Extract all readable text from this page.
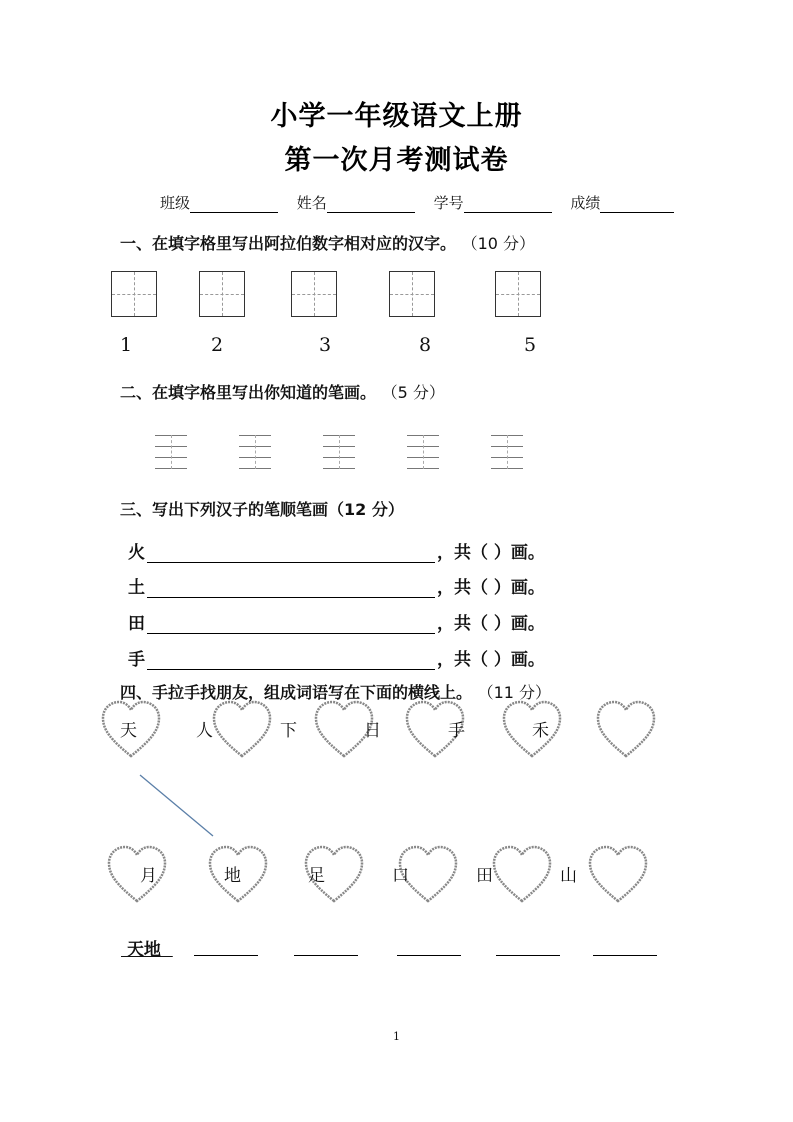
小学一年级语文上册
第一次月考测试卷
班级	姓名	学号	成绩
一、在填字格里写出阿拉伯数字相对应的汉字。 （10 分）
1	2	3	8	5
二、在填字格里写出你知道的笔画。 （5 分）
三、写出下列汉子的笔顺笔画（12 分）
火	，共（ ）画。
土	，共（ ）画。
田	，共（ ）画。
手	，共（ ）画。
四、手拉手找朋友，组成词语写在下面的横线上。 （11 分）
天	人	下	日	手	禾
月	地	足	口	田	山
天地
1
